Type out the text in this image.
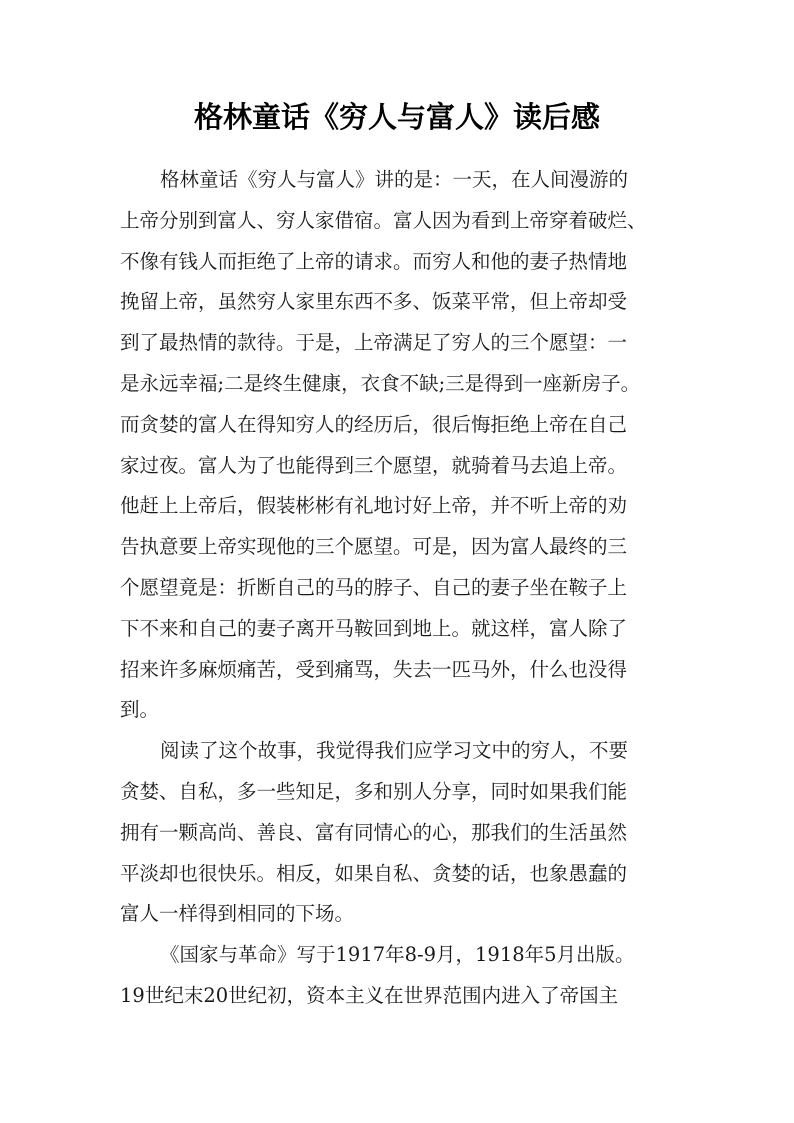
格林童话《穷人与富人》读后感
格林童话《穷人与富人》讲的是：一天，在人间漫游的
上帝分别到富人、穷人家借宿。富人因为看到上帝穿着破烂、
不像有钱人而拒绝了上帝的请求。而穷人和他的妻子热情地
挽留上帝，虽然穷人家里东西不多、饭菜平常，但上帝却受
到了最热情的款待。于是，上帝满足了穷人的三个愿望：一
是永远幸福;二是终生健康，衣食不缺;三是得到一座新房子。
而贪婪的富人在得知穷人的经历后，很后悔拒绝上帝在自己
家过夜。富人为了也能得到三个愿望，就骑着马去追上帝。
他赶上上帝后，假装彬彬有礼地讨好上帝，并不听上帝的劝
告执意要上帝实现他的三个愿望。可是，因为富人最终的三
个愿望竟是：折断自己的马的脖子、自己的妻子坐在鞍子上
下不来和自己的妻子离开马鞍回到地上。就这样，富人除了
招来许多麻烦痛苦，受到痛骂，失去一匹马外，什么也没得
到。
阅读了这个故事，我觉得我们应学习文中的穷人，不要
贪婪、自私，多一些知足，多和别人分享，同时如果我们能
拥有一颗高尚、善良、富有同情心的心，那我们的生活虽然
平淡却也很快乐。相反，如果自私、贪婪的话，也象愚蠢的
富人一样得到相同的下场。
《国家与革命》写于1917年8-9月，1918年5月出版。
19世纪末20世纪初，资本主义在世界范围内进入了帝国主
